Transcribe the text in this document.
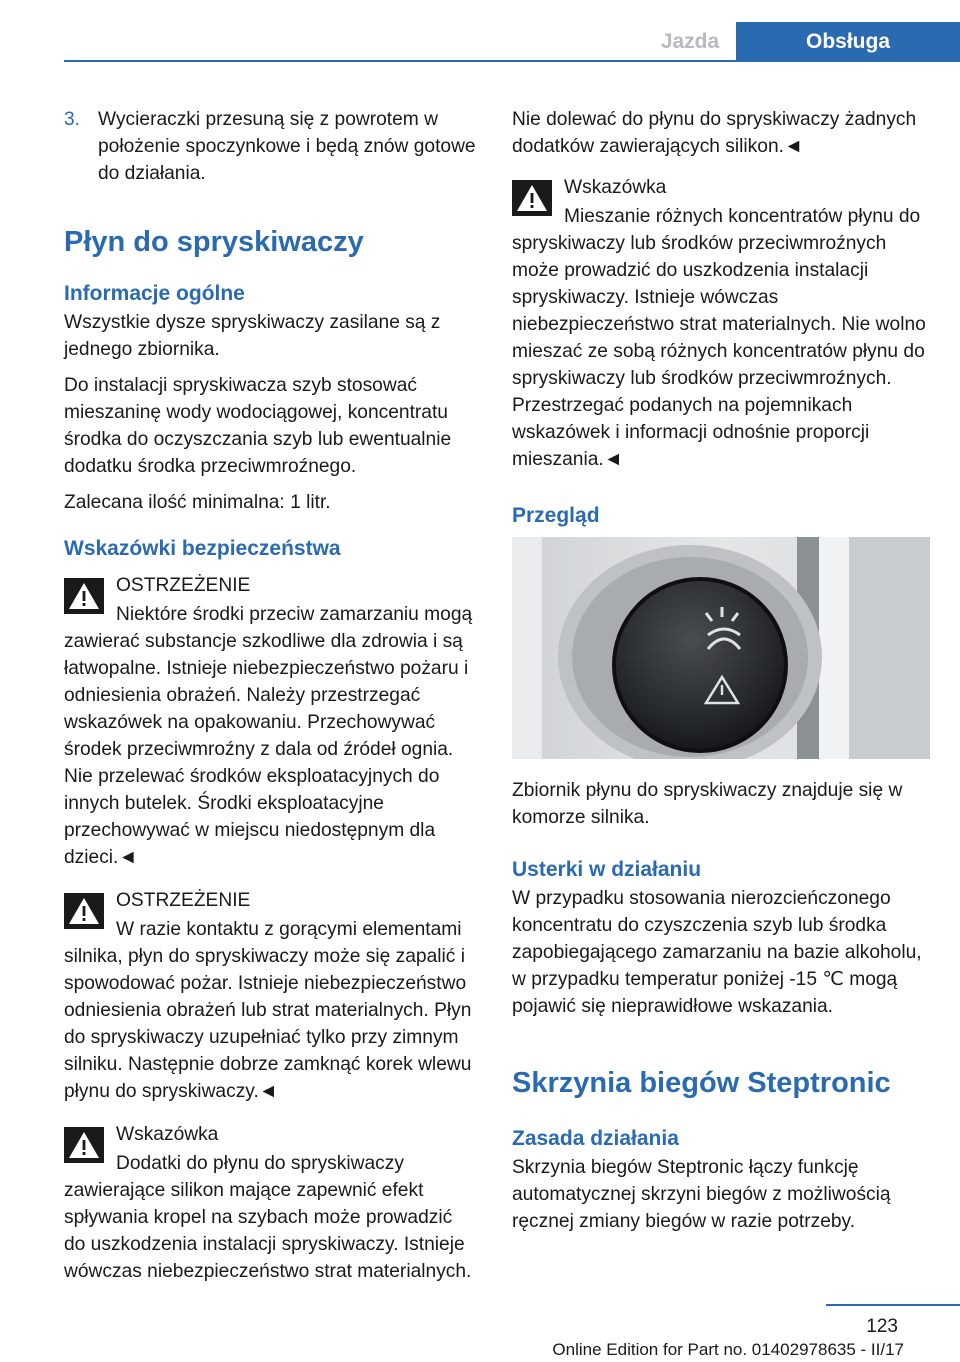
Jazda	Obsługa

3. Wycieraczki przesuną się z powrotem w położenie spoczynkowe i będą znów gotowe do działania.

Płyn do spryskiwaczy
Informacje ogólne

Wszystkie dysze spryskiwaczy zasilane są z jednego zbiornika.

Do instalacji spryskiwacza szyb stosować mieszaninę wody wodociągowej, koncentratu środka do oczyszczania szyb lub ewentualnie dodatku środka przeciwmroźnego.

Zalecana ilość minimalna: 1 litr.

Wskazówki bezpieczeństwa

OSTRZEŻENIE

Niektóre środki przeciw zamarzaniu mogą zawierać substancje szkodliwe dla zdrowia i są łatwopalne. Istnieje niebezpieczeństwo pożaru i odniesienia obrażeń. Należy przestrzegać wskazówek na opakowaniu. Przechowywać środek przeciwmroźny z dala od źródeł ognia. Nie przelewać środków eksploatacyjnych do innych butelek. Środki eksploatacyjne przechowywać w miejscu niedostępnym dla dzieci.◄

OSTRZEŻENIE

W razie kontaktu z gorącymi elementami silnika, płyn do spryskiwaczy może się zapalić i spowodować pożar. Istnieje niebezpieczeństwo odniesienia obrażeń lub strat materialnych. Płyn do spryskiwaczy uzupełniać tylko przy zimnym silniku. Następnie dobrze zamknąć korek wlewu płynu do spryskiwaczy.◄

Wskazówka

Dodatki do płynu do spryskiwaczy zawierające silikon mające zapewnić efekt spływania kropel na szybach może prowadzić do uszkodzenia instalacji spryskiwaczy. Istnieje wówczas niebezpieczeństwo strat materialnych.

Nie dolewać do płynu do spryskiwaczy żadnych dodatków zawierających silikon.◄

Wskazówka

Mieszanie różnych koncentratów płynu do spryskiwaczy lub środków przeciwmroźnych może prowadzić do uszkodzenia instalacji spryskiwaczy. Istnieje wówczas niebezpieczeństwo strat materialnych. Nie wolno mieszać ze sobą różnych koncentratów płynu do spryskiwaczy lub środków przeciwmroźnych. Przestrzegać podanych na pojemnikach wskazówek i informacji odnośnie proporcji mieszania.◄

Przegląd

Zbiornik płynu do spryskiwaczy znajduje się w komorze silnika.

Usterki w działaniu

W przypadku stosowania nierozcieńczonego koncentratu do czyszczenia szyb lub środka zapobiegającego zamarzaniu na bazie alkoholu, w przypadku temperatur poniżej -15 ℃ mogą pojawić się nieprawidłowe wskazania.

Skrzynia biegów Steptronic
Zasada działania

Skrzynia biegów Steptronic łączy funkcję automatycznej skrzyni biegów z możliwością ręcznej zmiany biegów w razie potrzeby.

123
Online Edition for Part no. 01402978635 - II/17
